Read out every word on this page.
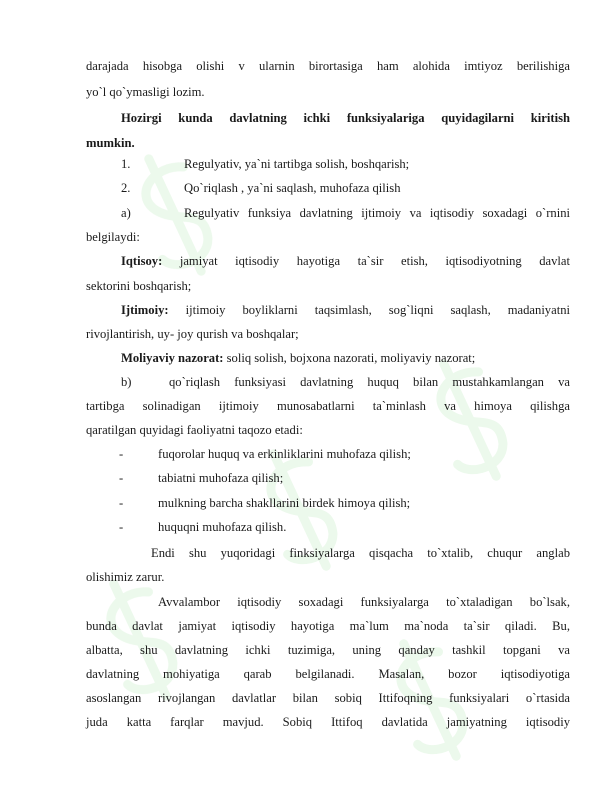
darajada hisobga olishi v ularnin birortasiga ham alohida imtiyoz berilishiga
yo`l qo`ymasligi lozim.
Hozirgi kunda davlatning ichki funksiyalariga quyidagilarni kiritish
mumkin.
1.	Regulyativ, ya`ni tartibga solish, boshqarish;
2.	Qo`riqlash , ya`ni saqlash, muhofaza qilish
a)	Regulyativ funksiya davlatning ijtimoiy va iqtisodiy soxadagi o`rnini
belgilaydi:
Iqtisoy: jamiyat iqtisodiy hayotiga ta`sir etish, iqtisodiyotning davlat
sektorini boshqarish;
Ijtimoiy: ijtimoiy boyliklarni taqsimlash, sog`liqni saqlash, madaniyatni
rivojlantirish, uy- joy qurish va boshqalar;
Moliyaviy nazorat: soliq solish, bojxona nazorati, moliyaviy nazorat;
b)	qo`riqlash funksiyasi davlatning huquq bilan mustahkamlangan va
tartibga solinadigan ijtimoiy munosabatlarni ta`minlash va himoya qilishga
qaratilgan quyidagi faoliyatni taqozo etadi:
-	fuqorolar huquq va erkinliklarini muhofaza qilish;
-	tabiatni muhofaza qilish;
-	mulkning barcha shakllarini birdek himoya qilish;
-	huquqni muhofaza qilish.
Endi shu yuqoridagi finksiyalarga qisqacha to`xtalib, chuqur anglab
olishimiz zarur.
Avvalambor iqtisodiy soxadagi funksiyalarga to`xtaladigan bo`lsak,
bunda davlat jamiyat iqtisodiy hayotiga ma`lum ma`noda ta`sir qiladi. Bu,
albatta, shu davlatning ichki tuzimiga, uning qanday tashkil topgani va
davlatning mohiyatiga qarab belgilanadi. Masalan, bozor iqtisodiyotiga
asoslangan rivojlangan davlatlar bilan sobiq Ittifoqning funksiyalari o`rtasida
juda katta farqlar mavjud. Sobiq Ittifoq davlatida jamiyatning iqtisodiy
